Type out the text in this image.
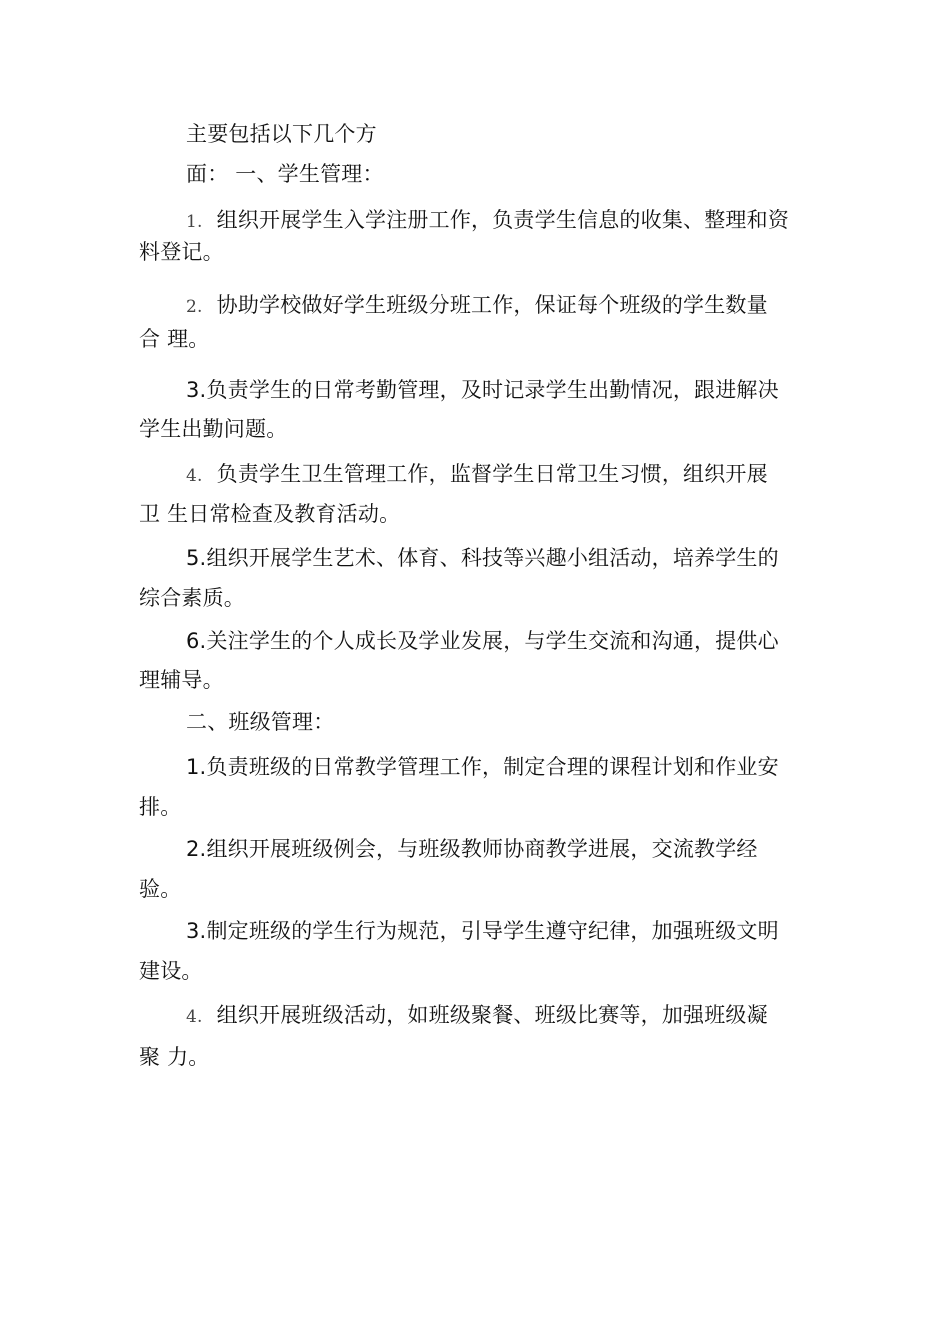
主要包括以下几个方
面： 一、学生管理：
1. 组织开展学生入学注册工作，负责学生信息的收集、整理和资
料登记。
2. 协助学校做好学生班级分班工作，保证每个班级的学生数量
合 理。
3.负责学生的日常考勤管理，及时记录学生出勤情况，跟进解决
学生出勤问题。
4. 负责学生卫生管理工作，监督学生日常卫生习惯，组织开展
卫 生日常检查及教育活动。
5.组织开展学生艺术、体育、科技等兴趣小组活动，培养学生的
综合素质。
6.关注学生的个人成长及学业发展，与学生交流和沟通，提供心
理辅导。
二、班级管理：
1.负责班级的日常教学管理工作，制定合理的课程计划和作业安
排。
2.组织开展班级例会，与班级教师协商教学进展，交流教学经
验。
3.制定班级的学生行为规范，引导学生遵守纪律，加强班级文明
建设。
4. 组织开展班级活动，如班级聚餐、班级比赛等，加强班级凝
聚 力。
